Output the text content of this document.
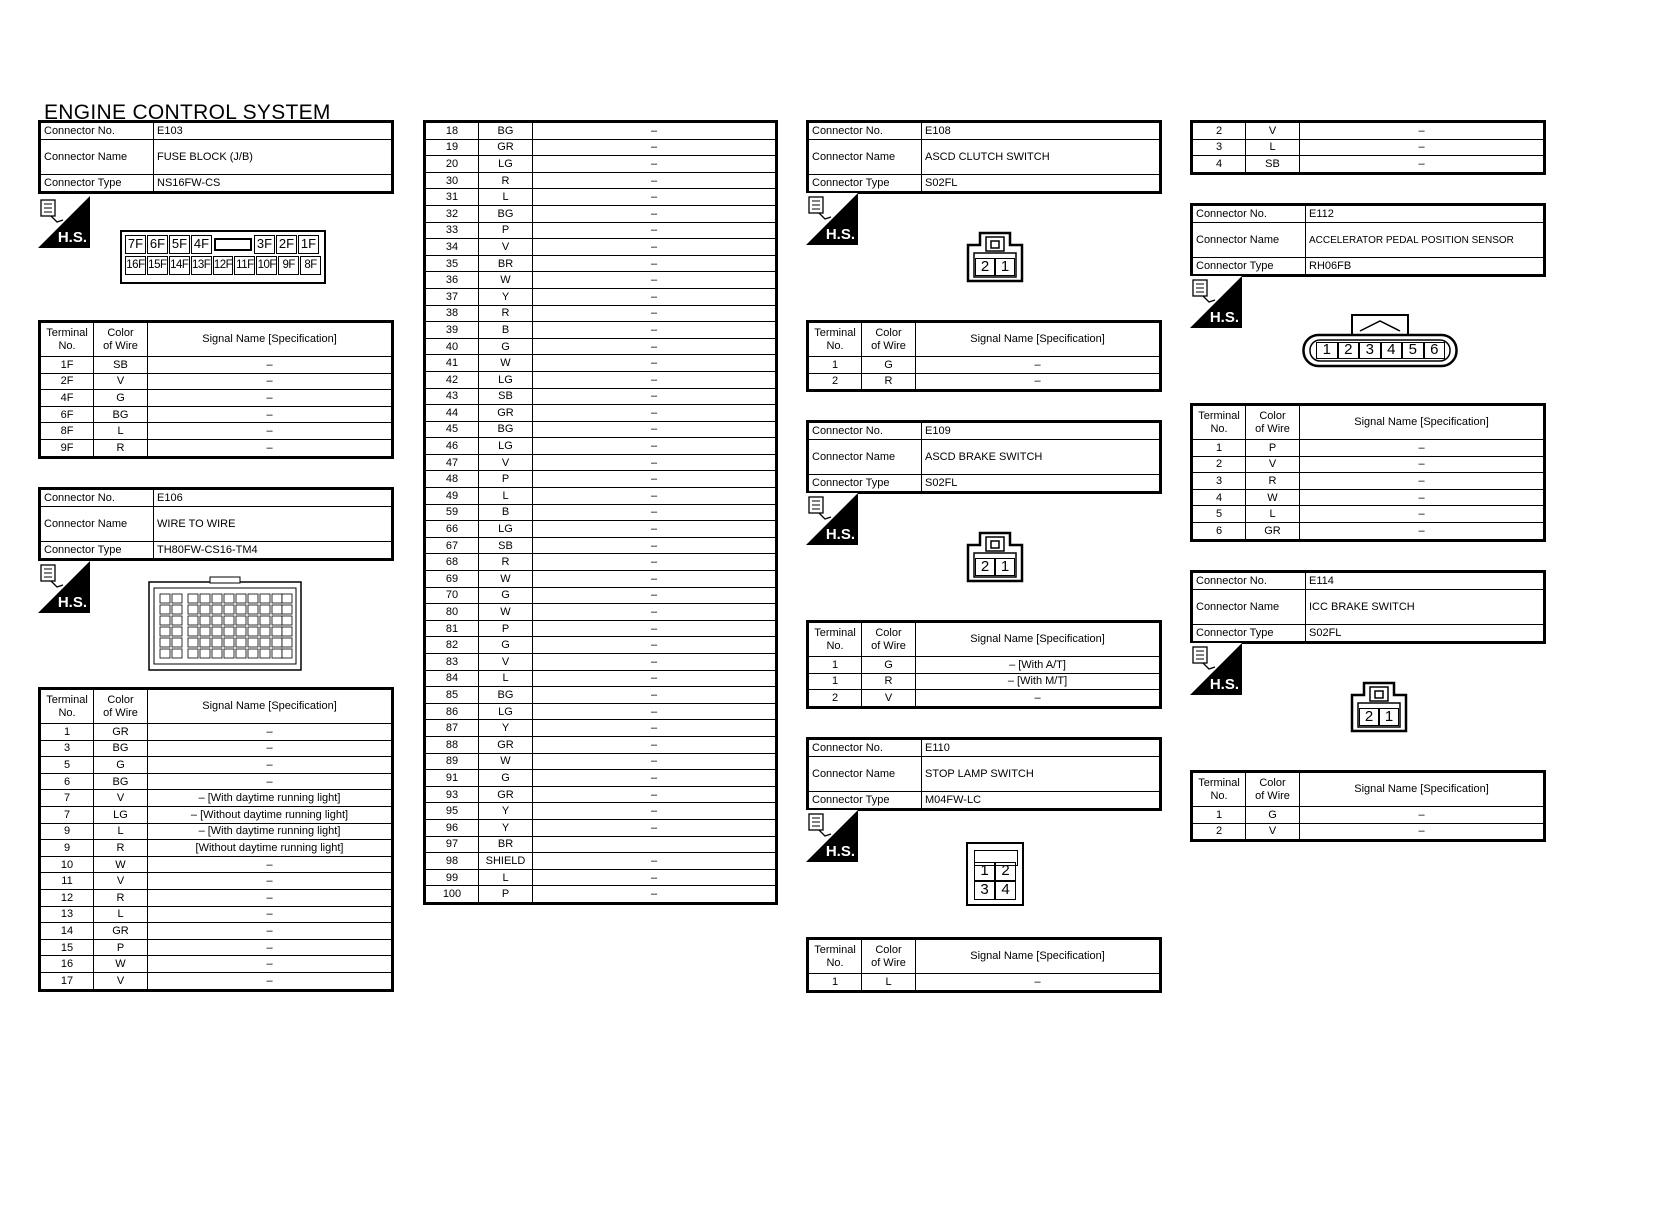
ENGINE CONTROL SYSTEM
Connector No.	E103
Connector Name	FUSE BLOCK (J/B)
Connector Type	NS16FW-CS
H.S.	7F 6F 5F 4F	3F 2F 1F
16F 15F 14F 13F 12F 11F 10F 9F 8F
Terminal
No.	Color
of Wire	Signal Name [Specification]
1F	SB	–
2F	V	–
4F	G	–
6F	BG	–
8F	L	–
9F	R	–
Connector No.	E106
Connector Name	WIRE TO WIRE
Connector Type	TH80FW-CS16-TM4
H.S.
Terminal
No.	Color
of Wire	Signal Name [Specification]
1	GR	–
3	BG	–
5	G	–
6	BG	–
7	V	– [With daytime running light]
7	LG	– [Without daytime running light]
9	L	– [With daytime running light]
9	R	[Without daytime running light]
10	W	–
11	V	–
12	R	–
13	L	–
14	GR	–
15	P	–
16	W	–
17	V	–
18	BG	–
19	GR	–
20	LG	–
30	R	–
31	L	–
32	BG	–
33	P	–
34	V	–
35	BR	–
36	W	–
37	Y	–
38	R	–
39	B	–
40	G	–
41	W	–
42	LG	–
43	SB	–
44	GR	–
45	BG	–
46	LG	–
47	V	–
48	P	–
49	L	–
59	B	–
66	LG	–
67	SB	–
68	R	–
69	W	–
70	G	–
80	W	–
81	P	–
82	G	–
83	V	–
84	L	–
85	BG	–
86	LG	–
87	Y	–
88	GR	–
89	W	–
91	G	–
93	GR	–
95	Y	–
96	Y	–
97	BR	
98	SHIELD	–
99	L	–
100	P	–
Connector No.	E108
Connector Name	ASCD CLUTCH SWITCH
Connector Type	S02FL
H.S.
2 1
Terminal
No.	Color
of Wire	Signal Name [Specification]
1	G	–
2	R	–
Connector No.	E109
Connector Name	ASCD BRAKE SWITCH
Connector Type	S02FL
H.S.
2 1
Terminal
No.	Color
of Wire	Signal Name [Specification]
1	G	– [With A/T]
1	R	– [With M/T]
2	V	–
Connector No.	E110
Connector Name	STOP LAMP SWITCH
Connector Type	M04FW-LC
H.S.
1 2
3 4
Terminal
No.	Color
of Wire	Signal Name [Specification]
1	L	–
2	V	–
3	L	–
4	SB	–
Connector No.	E112
Connector Name	ACCELERATOR PEDAL POSITION SENSOR
Connector Type	RH06FB
H.S.
1 2 3 4 5 6
Terminal
No.	Color
of Wire	Signal Name [Specification]
1	P	–
2	V	–
3	R	–
4	W	–
5	L	–
6	GR	–
Connector No.	E114
Connector Name	ICC BRAKE SWITCH
Connector Type	S02FL
H.S.
2 1
Terminal
No.	Color
of Wire	Signal Name [Specification]
1	G	–
2	V	–
